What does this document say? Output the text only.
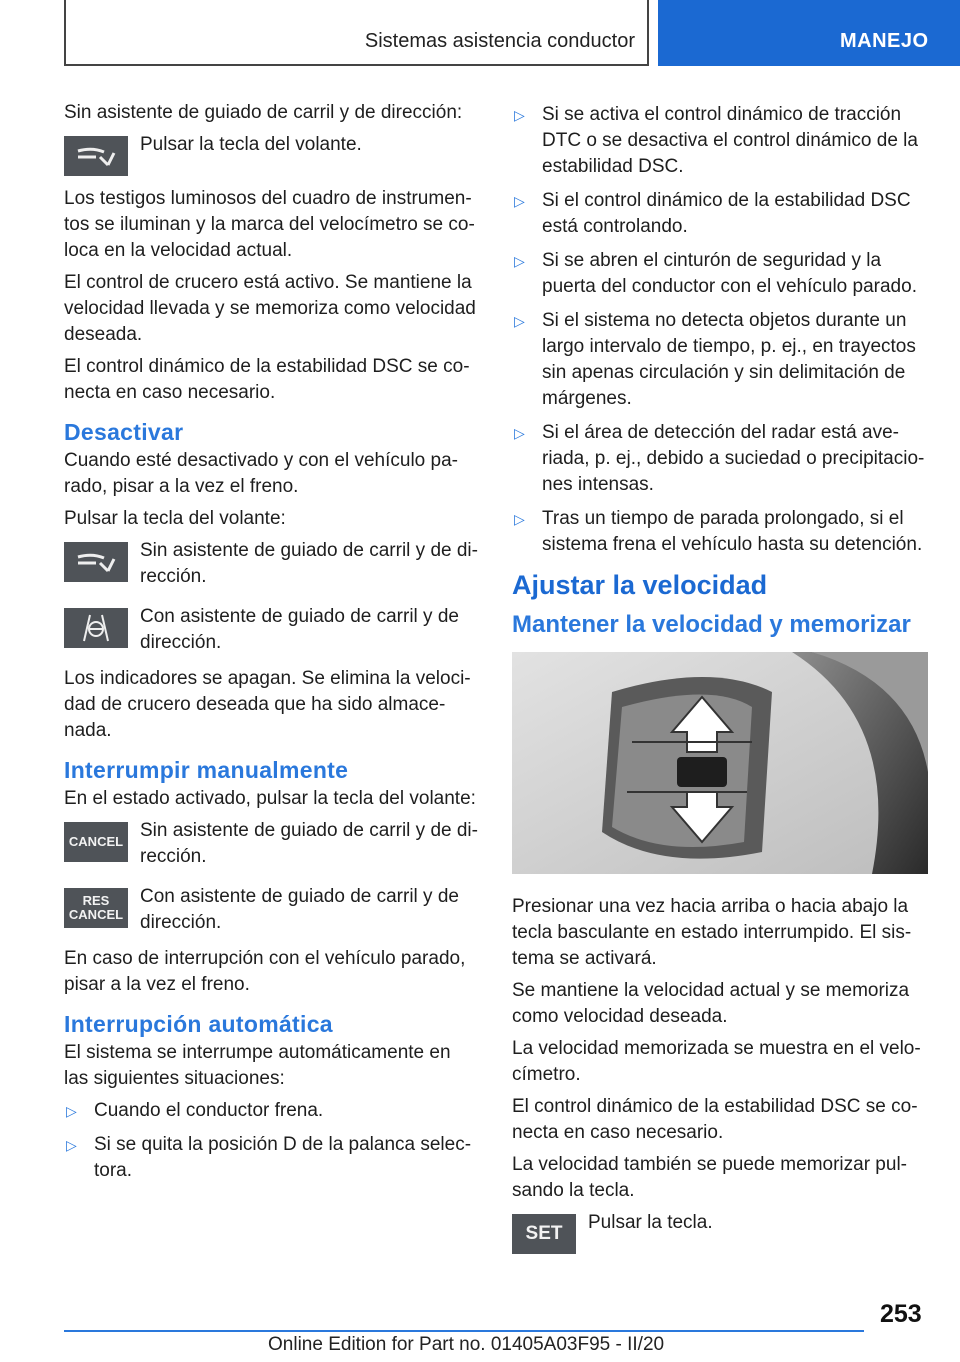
Sistemas asistencia conductor	MANEJO

Sin asistente de guiado de carril y de dirección:

Pulsar la tecla del volante.

Los testigos luminosos del cuadro de instrumen-tos se iluminan y la marca del velocímetro se co-loca en la velocidad actual.

El control de crucero está activo. Se mantiene la velocidad llevada y se memoriza como velocidad deseada.

El control dinámico de la estabilidad DSC se co-necta en caso necesario.

Desactivar

Cuando esté desactivado y con el vehículo pa-rado, pisar a la vez el freno.

Pulsar la tecla del volante:

Sin asistente de guiado de carril y de di-rección.
Con asistente de guiado de carril y de dirección.

Los indicadores se apagan. Se elimina la veloci-dad de crucero deseada que ha sido almace-nada.

Interrumpir manualmente

En el estado activado, pulsar la tecla del volante:

CANCEL
Sin asistente de guiado de carril y de di-rección.
RES
CANCEL
Con asistente de guiado de carril y de dirección.

En caso de interrupción con el vehículo parado, pisar a la vez el freno.

Interrupción automática

El sistema se interrumpe automáticamente en las siguientes situaciones:

▷ Cuando el conductor frena.
▷ Si se quita la posición D de la palanca selec-tora.
▷ Si se activa el control dinámico de tracción DTC o se desactiva el control dinámico de la estabilidad DSC.
▷ Si el control dinámico de la estabilidad DSC está controlando.
▷ Si se abren el cinturón de seguridad y la puerta del conductor con el vehículo parado.
▷ Si el sistema no detecta objetos durante un largo intervalo de tiempo, p. ej., en trayectos sin apenas circulación y sin delimitación de márgenes.
▷ Si el área de detección del radar está ave-riada, p. ej., debido a suciedad o precipitacio-nes intensas.
▷ Tras un tiempo de parada prolongado, si el sistema frena el vehículo hasta su detención.
Ajustar la velocidad
Mantener la velocidad y memorizar

Presionar una vez hacia arriba o hacia abajo la tecla basculante en estado interrumpido. El sis-tema se activará.

Se mantiene la velocidad actual y se memoriza como velocidad deseada.

La velocidad memorizada se muestra en el velo-címetro.

El control dinámico de la estabilidad DSC se co-necta en caso necesario.

La velocidad también se puede memorizar pul-sando la tecla.

SET
Pulsar la tecla.
253
Online Edition for Part no. 01405A03F95 - II/20
